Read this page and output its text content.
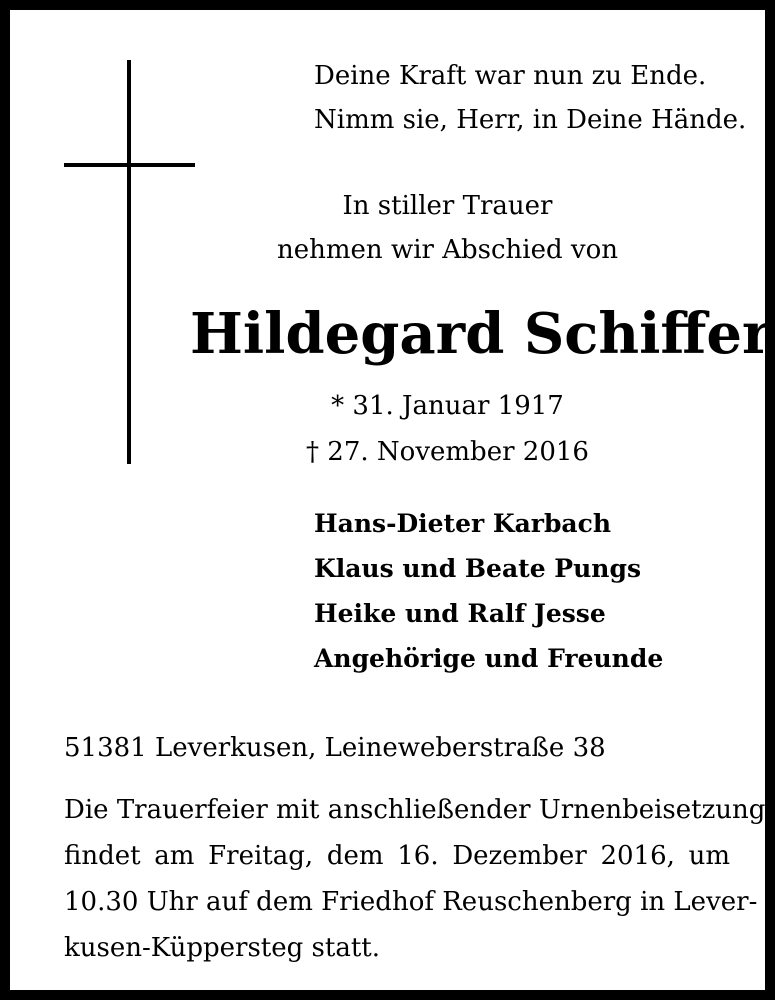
Deine Kraft war nun zu Ende.
Nimm sie, Herr, in Deine Hände.
In stiller Trauer
nehmen wir Abschied von
Hildegard Schiffer
* 31. Januar 1917
† 27. November 2016
Hans-Dieter Karbach
Klaus und Beate Pungs
Heike und Ralf Jesse
Angehörige und Freunde
51381 Leverkusen, Leineweberstraße 38
Die Trauerfeier mit anschließender Urnenbeisetzung
findet am Freitag, dem 16. Dezember 2016, um
10.30 Uhr auf dem Friedhof Reuschenberg in Lever-
kusen-Küppersteg statt.
